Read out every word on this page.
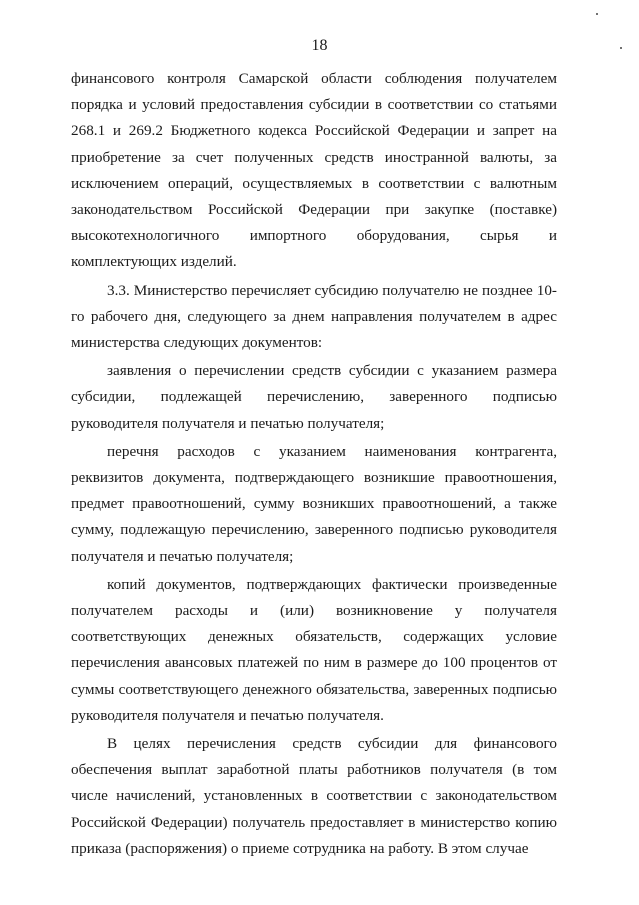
18

финансового контроля Самарской области соблюдения получателем порядка и условий предоставления субсидии в соответствии со статьями 268.1 и 269.2 Бюджетного кодекса Российской Федерации и запрет на приобретение за счет полученных средств иностранной валюты, за исключением операций, осуществляемых в соответствии с валютным законодательством Российской Федерации при закупке (поставке) высокотехнологичного импортного оборудования, сырья и комплектующих изделий.

3.3. Министерство перечисляет субсидию получателю не позднее 10-го рабочего дня, следующего за днем направления получателем в адрес министерства следующих документов:

заявления о перечислении средств субсидии с указанием размера субсидии, подлежащей перечислению, заверенного подписью руководителя получателя и печатью получателя;

перечня расходов с указанием наименования контрагента, реквизитов документа, подтверждающего возникшие правоотношения, предмет правоотношений, сумму возникших правоотношений, а также сумму, подлежащую перечислению, заверенного подписью руководителя получателя и печатью получателя;

копий документов, подтверждающих фактически произведенные получателем расходы и (или) возникновение у получателя соответствующих денежных обязательств, содержащих условие перечисления авансовых платежей по ним в размере до 100 процентов от суммы соответствующего денежного обязательства, заверенных подписью руководителя получателя и печатью получателя.

В целях перечисления средств субсидии для финансового обеспечения выплат заработной платы работников получателя (в том числе начислений, установленных в соответствии с законодательством Российской Федерации) получатель предоставляет в министерство копию приказа (распоряжения) о приеме сотрудника на работу. В этом случае
